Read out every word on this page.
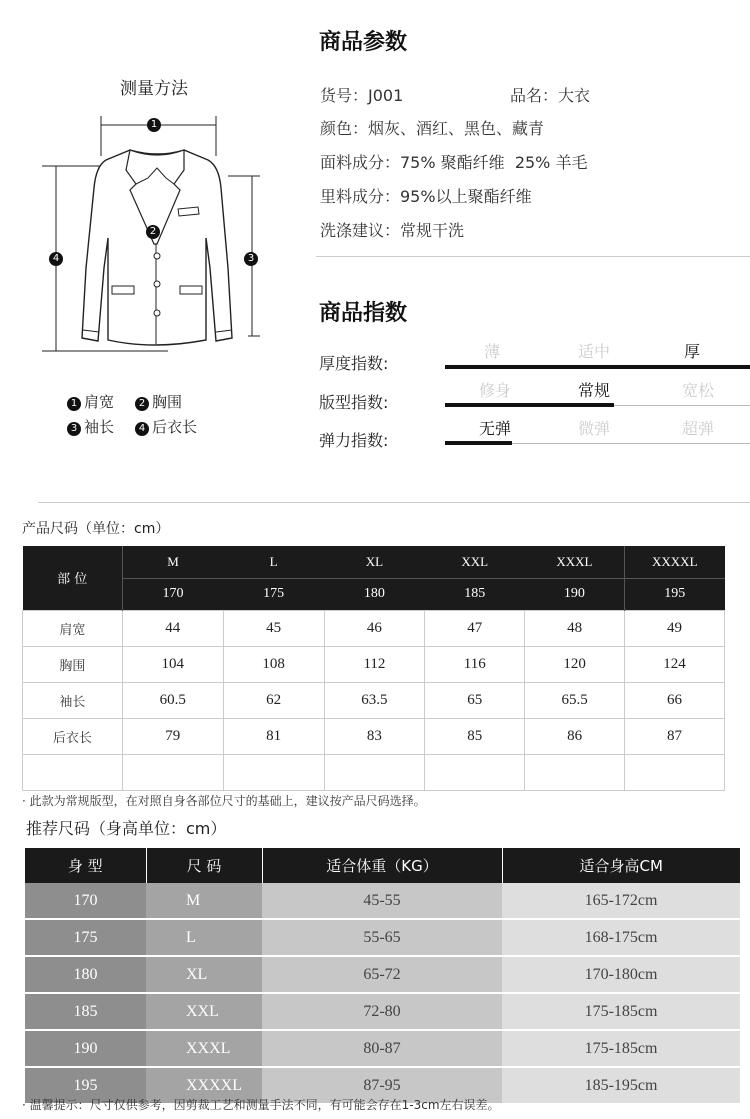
测量方法
1
2
3
4
1 肩宽	2 胸围
3 袖长	4 后衣长
商品参数
货号：J001	品名：大衣
颜色：烟灰、酒红、黑色、藏青
面料成分：75% 聚酯纤维  25% 羊毛
里料成分：95%以上聚酯纤维
洗涤建议：常规干洗
商品指数
厚度指数:
薄	适中	厚
版型指数:
修身	常规	宽松
弹力指数:
无弹	微弹	超弹
产品尺码（单位：cm）
部 位	M	L	XL	XXL	XXXL	XXXXL
	170	175	180	185	190	195
肩宽	44	45	46	47	48	49
胸围	104	108	112	116	120	124
袖长	60.5	62	63.5	65	65.5	66
后衣长	79	81	83	85	86	87

· 此款为常规版型，在对照自身各部位尺寸的基础上，建议按产品尺码选择。
推荐尺码（身高单位：cm）
身 型	尺 码	适合体重（KG）	适合身高CM
170	M	45-55	165-172cm
175	L	55-65	168-175cm
180	XL	65-72	170-180cm
185	XXL	72-80	175-185cm
190	XXXL	80-87	175-185cm
195	XXXXL	87-95	185-195cm
· 温馨提示：尺寸仅供参考，因剪裁工艺和测量手法不同，有可能会存在1-3cm左右误差。
